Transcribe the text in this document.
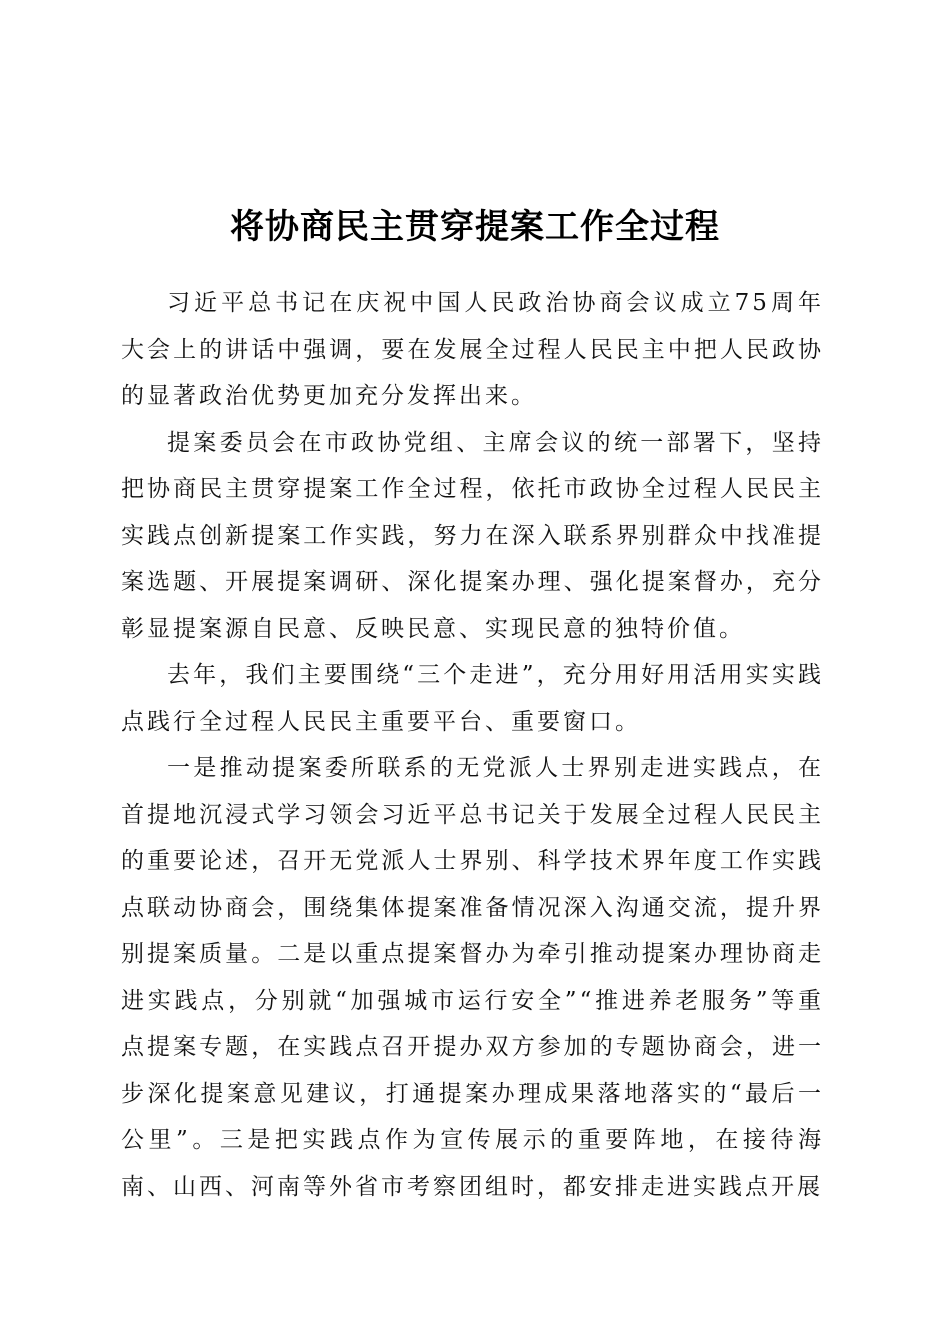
将协商民主贯穿提案工作全过程

习近平总书记在庆祝中国人民政治协商会议成立75周年大会上的讲话中强调，要在发展全过程人民民主中把人民政协的显著政治优势更加充分发挥出来。

提案委员会在市政协党组、主席会议的统一部署下，坚持把协商民主贯穿提案工作全过程，依托市政协全过程人民民主实践点创新提案工作实践，努力在深入联系界别群众中找准提案选题、开展提案调研、深化提案办理、强化提案督办，充分彰显提案源自民意、反映民意、实现民意的独特价值。

去年，我们主要围绕“三个走进”，充分用好用活用实实践点践行全过程人民民主重要平台、重要窗口。

一是推动提案委所联系的无党派人士界别走进实践点，在首提地沉浸式学习领会习近平总书记关于发展全过程人民民主的重要论述，召开无党派人士界别、科学技术界年度工作实践点联动协商会，围绕集体提案准备情况深入沟通交流，提升界别提案质量。二是以重点提案督办为牵引推动提案办理协商走进实践点，分别就“加强城市运行安全”“推进养老服务”等重点提案专题，在实践点召开提办双方参加的专题协商会，进一步深化提案意见建议，打通提案办理成果落地落实的“最后一公里”。三是把实践点作为宣传展示的重要阵地，在接待海南、山西、河南等外省市考察团组时，都安排走进实践点开展
